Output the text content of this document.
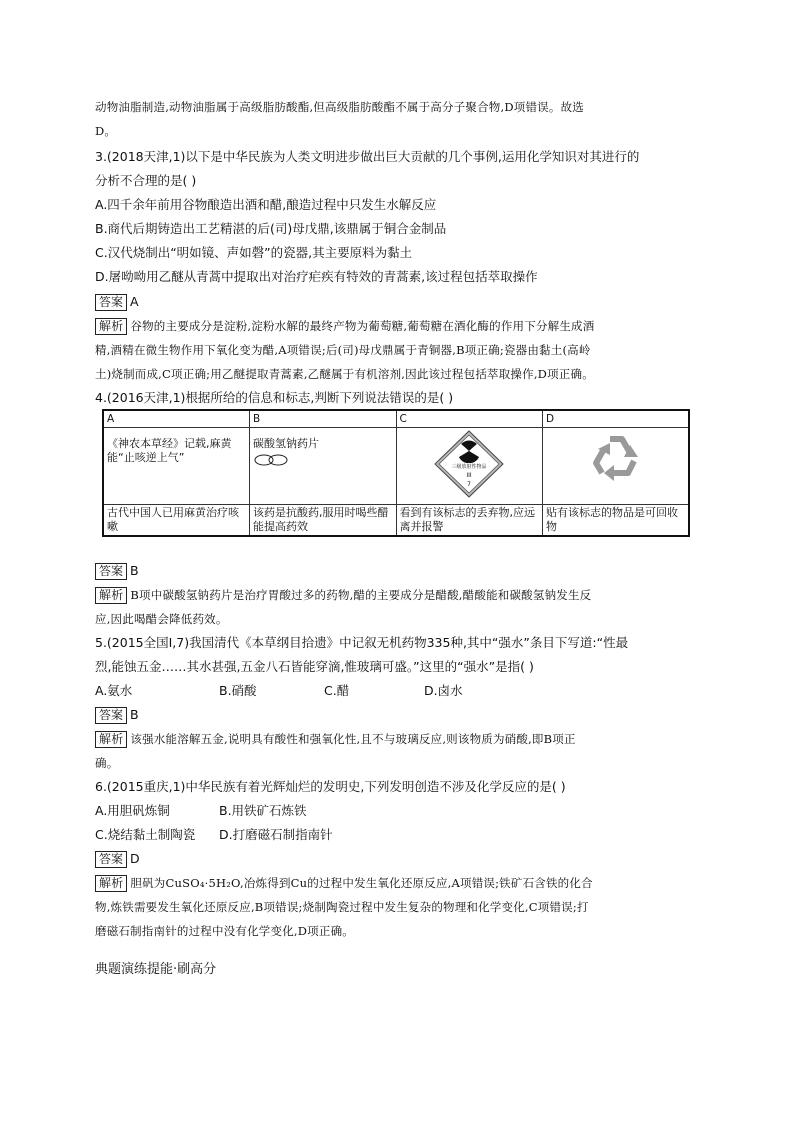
动物油脂制造,动物油脂属于高级脂肪酸酯,但高级脂肪酸酯不属于高分子聚合物,D项错误。故选
D。
3.(2018天津,1)以下是中华民族为人类文明进步做出巨大贡献的几个事例,运用化学知识对其进行的
分析不合理的是( )
A.四千余年前用谷物酿造出酒和醋,酿造过程中只发生水解反应
B.商代后期铸造出工艺精湛的后(司)母戊鼎,该鼎属于铜合金制品
C.汉代烧制出“明如镜、声如磬”的瓷器,其主要原料为黏土
D.屠呦呦用乙醚从青蒿中提取出对治疗疟疾有特效的青蒿素,该过程包括萃取操作
答案 A
解析 谷物的主要成分是淀粉,淀粉水解的最终产物为葡萄糖,葡萄糖在酒化酶的作用下分解生成酒
精,酒精在微生物作用下氧化变为醋,A项错误;后(司)母戊鼎属于青铜器,B项正确;瓷器由黏土(高岭
土)烧制而成,C项正确;用乙醚提取青蒿素,乙醚属于有机溶剂,因此该过程包括萃取操作,D项正确。
4.(2016天津,1)根据所给的信息和标志,判断下列说法错误的是( )
A	B	C	D

《神农本草经》记载,麻黄能“止咳逆上气”	碳酸氢钠药片	三级放射性物品
III
7

古代中国人已用麻黄治疗咳嗽	该药是抗酸药,服用时喝些醋能提高药效	看到有该标志的丢弃物,应远离并报警	贴有该标志的物品是可回收物
答案 B
解析 B项中碳酸氢钠药片是治疗胃酸过多的药物,醋的主要成分是醋酸,醋酸能和碳酸氢钠发生反
应,因此喝醋会降低药效。
5.(2015全国Ⅰ,7)我国清代《本草纲目拾遗》中记叙无机药物335种,其中“强水”条目下写道:“性最
烈,能蚀五金……其水甚强,五金八石皆能穿滴,惟玻璃可盛。”这里的“强水”是指( )
A.氨水	B.硝酸	C.醋	D.卤水
答案 B
解析 该强水能溶解五金,说明具有酸性和强氧化性,且不与玻璃反应,则该物质为硝酸,即B项正
确。
6.(2015重庆,1)中华民族有着光辉灿烂的发明史,下列发明创造不涉及化学反应的是( )
A.用胆矾炼铜	B.用铁矿石炼铁
C.烧结黏土制陶瓷 D.打磨磁石制指南针
答案 D
解析 胆矾为CuSO₄·5H₂O,冶炼得到Cu的过程中发生氧化还原反应,A项错误;铁矿石含铁的化合
物,炼铁需要发生氧化还原反应,B项错误;烧制陶瓷过程中发生复杂的物理和化学变化,C项错误;打
磨磁石制指南针的过程中没有化学变化,D项正确。
典题演练提能·刷高分
